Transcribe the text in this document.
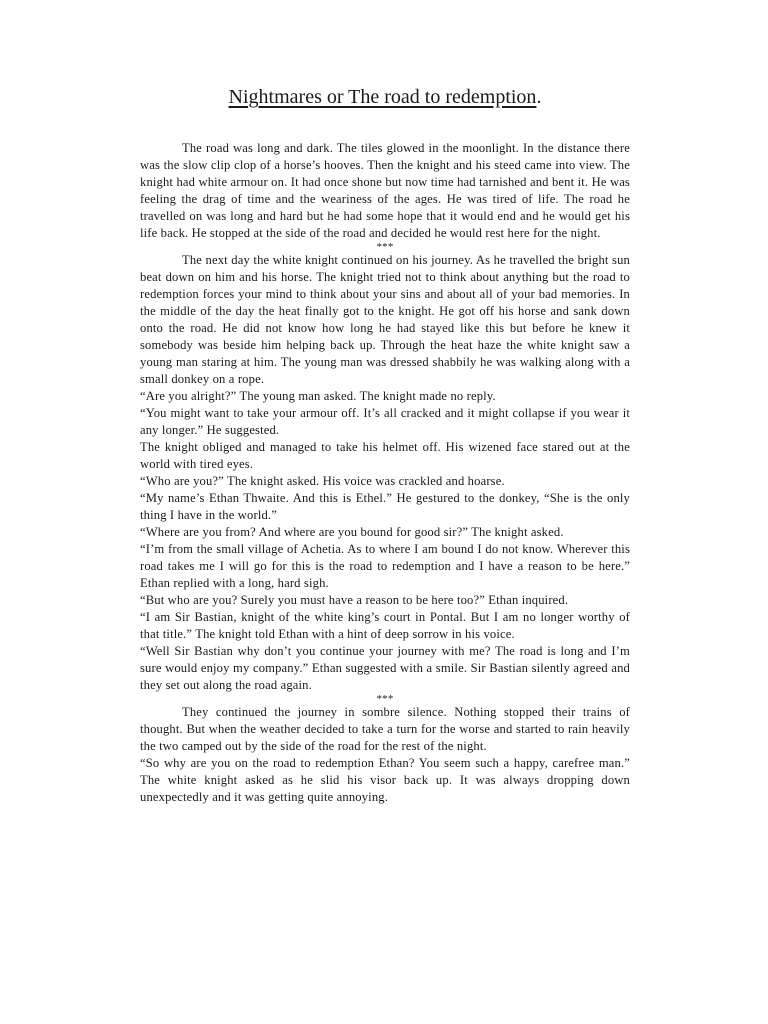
Nightmares or The road to redemption.

The road was long and dark. The tiles glowed in the moonlight. In the distance there was the slow clip clop of a horse’s hooves. Then the knight and his steed came into view. The knight had white armour on. It had once shone but now time had tarnished and bent it. He was feeling the drag of time and the weariness of the ages. He was tired of life. The road he travelled on was long and hard but he had some hope that it would end and he would get his life back. He stopped at the side of the road and decided he would rest here for the night.

***

The next day the white knight continued on his journey. As he travelled the bright sun beat down on him and his horse. The knight tried not to think about anything but the road to redemption forces your mind to think about your sins and about all of your bad memories. In the middle of the day the heat finally got to the knight. He got off his horse and sank down onto the road. He did not know how long he had stayed like this but before he knew it somebody was beside him helping back up. Through the heat haze the white knight saw a young man staring at him. The young man was dressed shabbily he was walking along with a small donkey on a rope.

“Are you alright?” The young man asked. The knight made no reply.

“You might want to take your armour off. It’s all cracked and it might collapse if you wear it any longer.” He suggested.

The knight obliged and managed to take his helmet off. His wizened face stared out at the world with tired eyes.

“Who are you?” The knight asked. His voice was crackled and hoarse.

“My name’s Ethan Thwaite. And this is Ethel.” He gestured to the donkey, “She is the only thing I have in the world.”

“Where are you from? And where are you bound for good sir?” The knight asked.

“I’m from the small village of Achetia. As to where I am bound I do not know. Wherever this road takes me I will go for this is the road to redemption and I have a reason to be here.” Ethan replied with a long, hard sigh.

“But who are you? Surely you must have a reason to be here too?” Ethan inquired.

“I am Sir Bastian, knight of the white king’s court in Pontal. But I am no longer worthy of that title.” The knight told Ethan with a hint of deep sorrow in his voice.

“Well Sir Bastian why don’t you continue your journey with me? The road is long and I’m sure would enjoy my company.” Ethan suggested with a smile. Sir Bastian silently agreed and they set out along the road again.

***

They continued the journey in sombre silence. Nothing stopped their trains of thought. But when the weather decided to take a turn for the worse and started to rain heavily the two camped out by the side of the road for the rest of the night.

“So why are you on the road to redemption Ethan? You seem such a happy, carefree man.” The white knight asked as he slid his visor back up. It was always dropping down unexpectedly and it was getting quite annoying.
